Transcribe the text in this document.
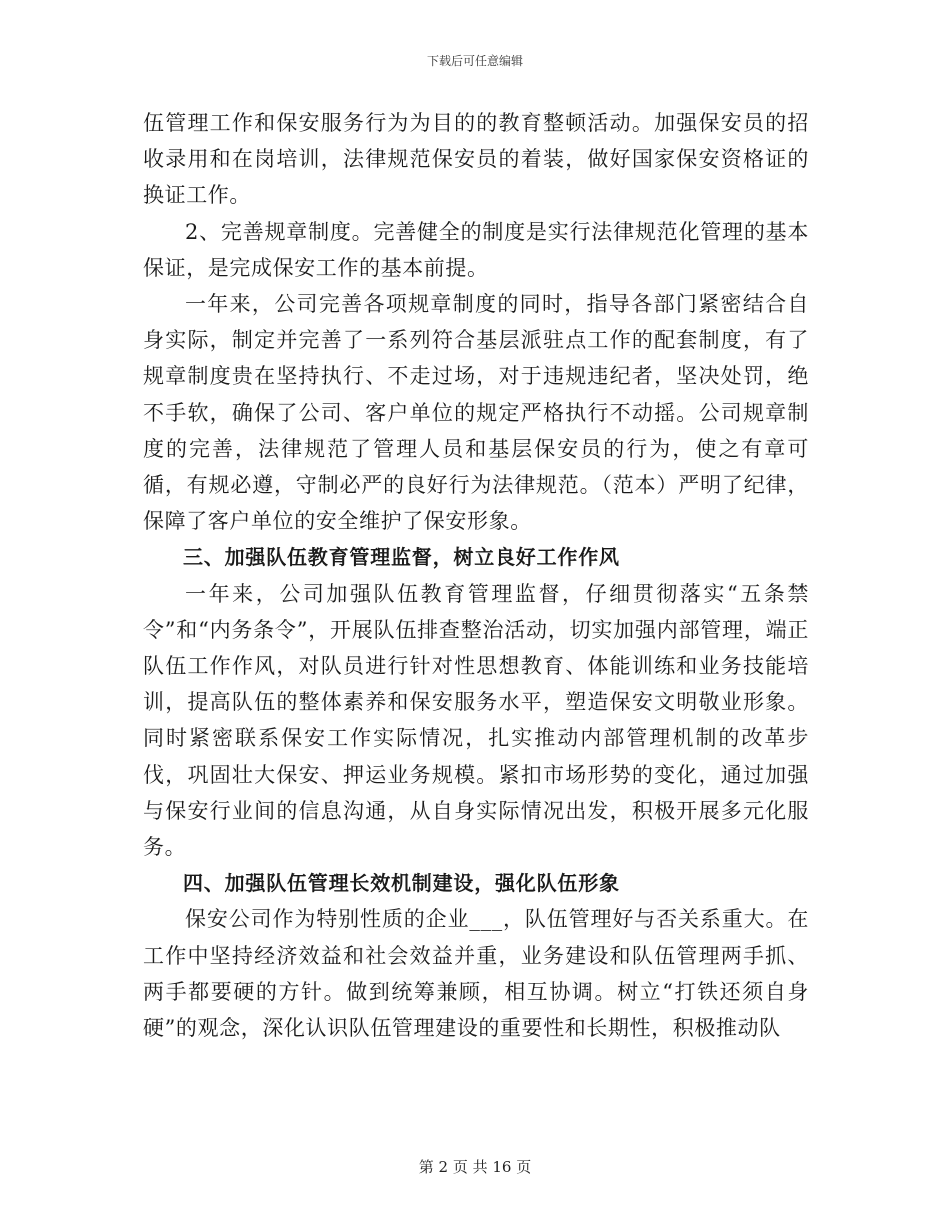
下载后可任意编辑

伍管理工作和保安服务行为为目的的教育整顿活动。加强保安员的招收录用和在岗培训，法律规范保安员的着装，做好国家保安资格证的换证工作。

2、完善规章制度。完善健全的制度是实行法律规范化管理的基本保证，是完成保安工作的基本前提。

一年来，公司完善各项规章制度的同时，指导各部门紧密结合自身实际，制定并完善了一系列符合基层派驻点工作的配套制度，有了规章制度贵在坚持执行、不走过场，对于违规违纪者，坚决处罚，绝不手软，确保了公司、客户单位的规定严格执行不动摇。公司规章制度的完善，法律规范了管理人员和基层保安员的行为，使之有章可循，有规必遵，守制必严的良好行为法律规范。（范本）严明了纪律，保障了客户单位的安全维护了保安形象。

三、加强队伍教育管理监督，树立良好工作作风

一年来，公司加强队伍教育管理监督，仔细贯彻落实“五条禁令”和“内务条令”，开展队伍排查整治活动，切实加强内部管理，端正队伍工作作风，对队员进行针对性思想教育、体能训练和业务技能培训，提高队伍的整体素养和保安服务水平，塑造保安文明敬业形象。同时紧密联系保安工作实际情况，扎实推动内部管理机制的改革步伐，巩固壮大保安、押运业务规模。紧扣市场形势的变化，通过加强与保安行业间的信息沟通，从自身实际情况出发，积极开展多元化服务。

四、加强队伍管理长效机制建设，强化队伍形象

保安公司作为特别性质的企业___，队伍管理好与否关系重大。在工作中坚持经济效益和社会效益并重，业务建设和队伍管理两手抓、两手都要硬的方针。做到统筹兼顾，相互协调。树立“打铁还须自身硬”的观念，深化认识队伍管理建设的重要性和长期性，积极推动队

第 2 页 共 16 页
